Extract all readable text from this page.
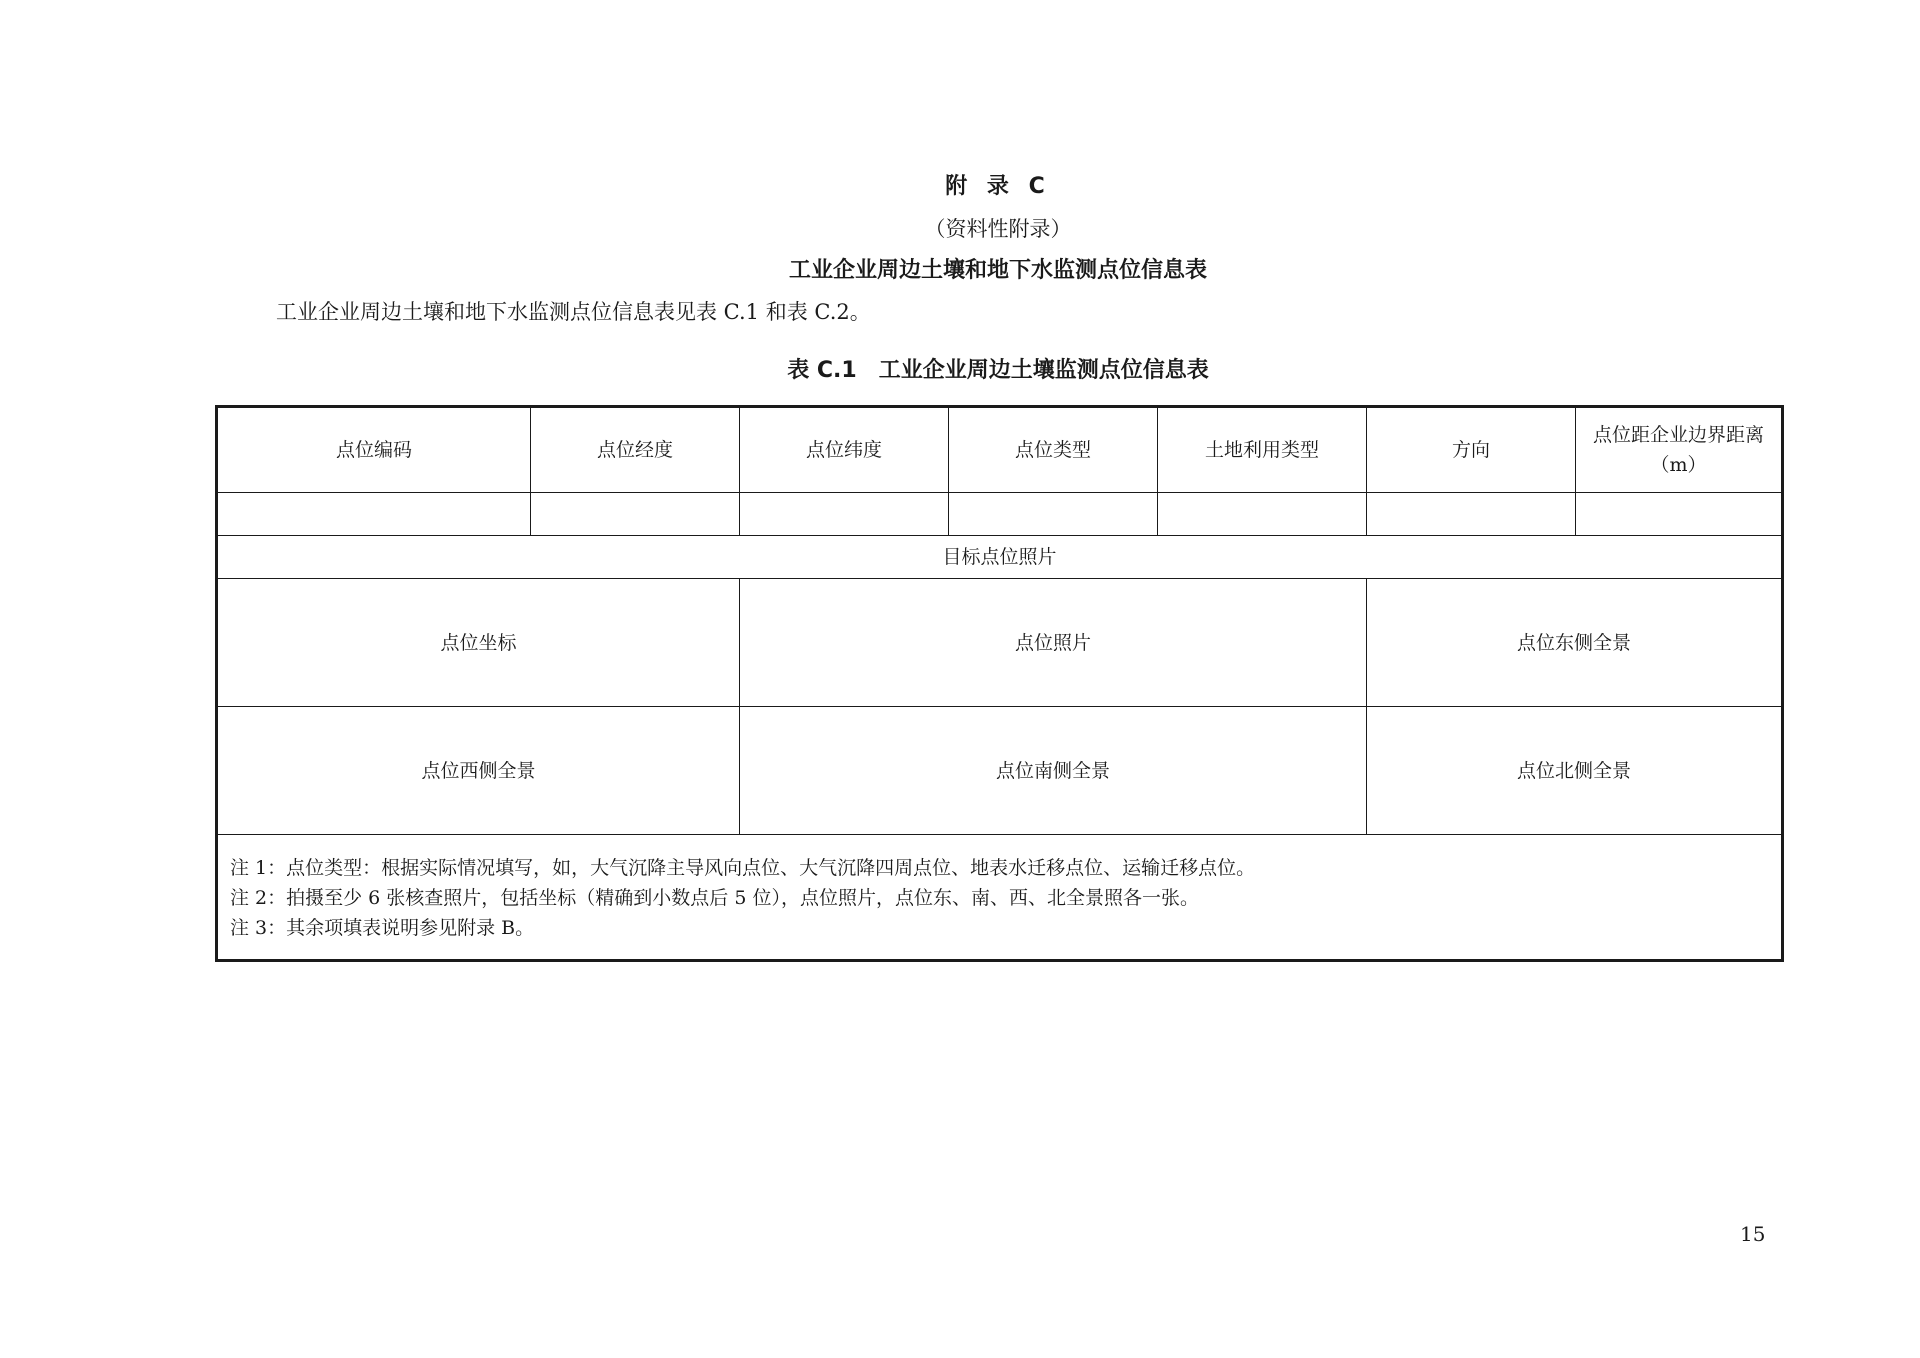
附 录 C
（资料性附录）
工业企业周边土壤和地下水监测点位信息表

工业企业周边土壤和地下水监测点位信息表见表 C.1 和表 C.2。

表 C.1　工业企业周边土壤监测点位信息表
点位编码	点位经度	点位纬度	点位类型	土地利用类型	方向	点位距企业边界距离（m）

目标点位照片						
点位坐标		点位照片			点位东侧全景	
点位西侧全景		点位南侧全景			点位北侧全景	

注 1：点位类型：根据实际情况填写，如，大气沉降主导风向点位、大气沉降四周点位、地表水迁移点位、运输迁移点位。
注 2：拍摄至少 6 张核查照片，包括坐标（精确到小数点后 5 位），点位照片，点位东、南、西、北全景照各一张。
注 3：其余项填表说明参见附录 B。						

15
